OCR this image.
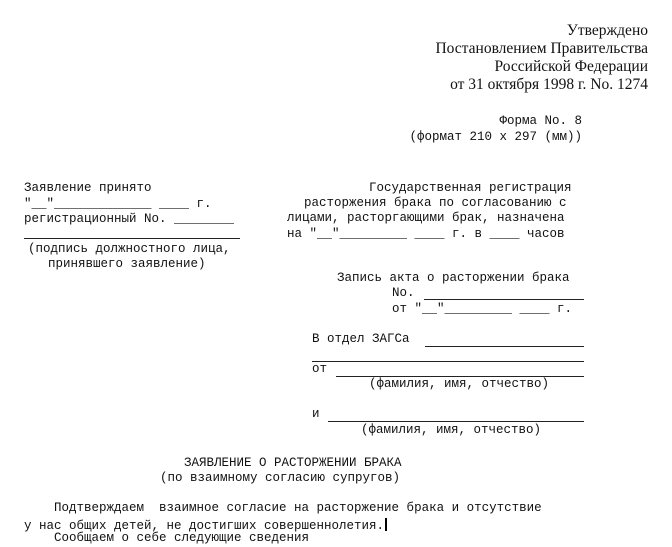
Утверждено
Постановлением Правительства
Российской Федерации
от 31 октября 1998 г. No. 1274
Форма No. 8
(формат 210 x 297 (мм))
Заявление принято
"__"_____________ ____ г.
регистрационный No. ________
(подпись должностного лица,
принявшего заявление)
Государственная регистрация
расторжения брака по согласованию с
лицами, расторгающими брак, назначена
на "__"_________ ____ г. в ____ часов
Запись акта о расторжении брака
No.
от "__"_________ ____ г.
В отдел ЗАГСа
от
(фамилия, имя, отчество)
и
(фамилия, имя, отчество)
ЗАЯВЛЕНИЕ О РАСТОРЖЕНИИ БРАКА
(по взаимному согласию супругов)
Подтверждаем  взаимное согласие на расторжение брака и отсутствие
у нас общих детей, не достигших совершеннолетия.
Сообщаем о себе следующие сведения
